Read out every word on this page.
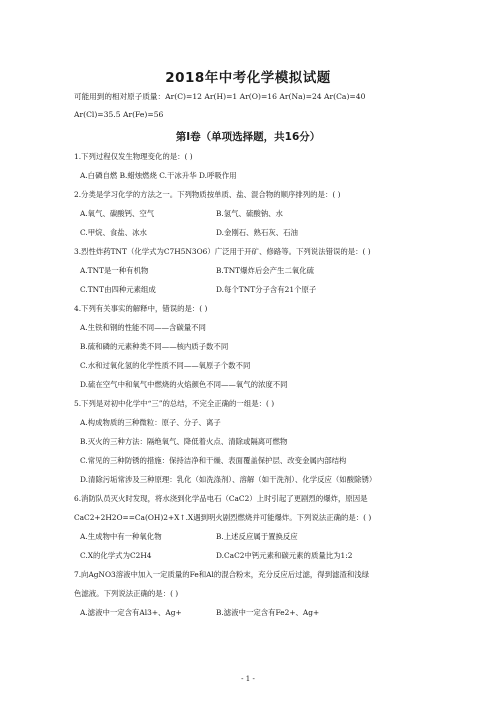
2018年中考化学模拟试题
可能用到的相对原子质量：Ar(C)=12 Ar(H)=1 Ar(O)=16 Ar(Na)=24 Ar(Ca)=40
Ar(Cl)=35.5 Ar(Fe)=56
第Ⅰ卷（单项选择题，共16分）
1.下列过程仅发生物理变化的是：( )
A.白磷自燃 B.蜡烛燃烧 C.干冰升华 D.呼吸作用
2.分类是学习化学的方法之一。下列物质按单质、盐、混合物的顺序排列的是：( )
A.氧气、碳酸钙、空气	B.氢气、硫酸钠、水
C.甲烷、食盐、冰水	D.金刚石、熟石灰、石油
3.烈性炸药TNT（化学式为C7H5N3O6）广泛用于开矿、修路等。下列说法错误的是：( )
A.TNT是一种有机物	B.TNT爆炸后会产生二氧化硫
C.TNT由四种元素组成	D.每个TNT分子含有21个原子
4.下列有关事实的解释中，错误的是：( )
A.生铁和钢的性能不同——含碳量不同
B.硫和磷的元素种类不同——核内质子数不同
C.水和过氧化氢的化学性质不同——氧原子个数不同
D.硫在空气中和氧气中燃烧的火焰颜色不同——氧气的浓度不同
5.下列是对初中化学中“三”的总结，不完全正确的一组是：( )
A.构成物质的三种微粒：原子、分子、离子
B.灭火的三种方法：隔绝氧气、降低着火点、清除或隔离可燃物
C.常见的三种防锈的措施：保持洁净和干燥、表面覆盖保护层、改变金属内部结构
D.清除污垢常涉及三种原理：乳化（如洗涤剂）、溶解（如干洗剂）、化学反应（如酸除锈）
6.消防队员灭火时发现，将水浇到化学品电石（CaC2）上时引起了更剧烈的爆炸，原因是
CaC2+2H2O==Ca(OH)2+X↑.X遇到明火剧烈燃烧并可能爆炸。下列说法正确的是：( )
A.生成物中有一种氧化物	B.上述反应属于置换反应
C.X的化学式为C2H4	D.CaC2中钙元素和碳元素的质量比为1:2
7.向AgNO3溶液中加入一定质量的Fe和Al的混合粉末，充分反应后过滤，得到滤渣和浅绿
色滤液。下列说法正确的是：( )
A.滤液中一定含有Al3+、Ag+	B.滤液中一定含有Fe2+、Ag+
- 1 -
